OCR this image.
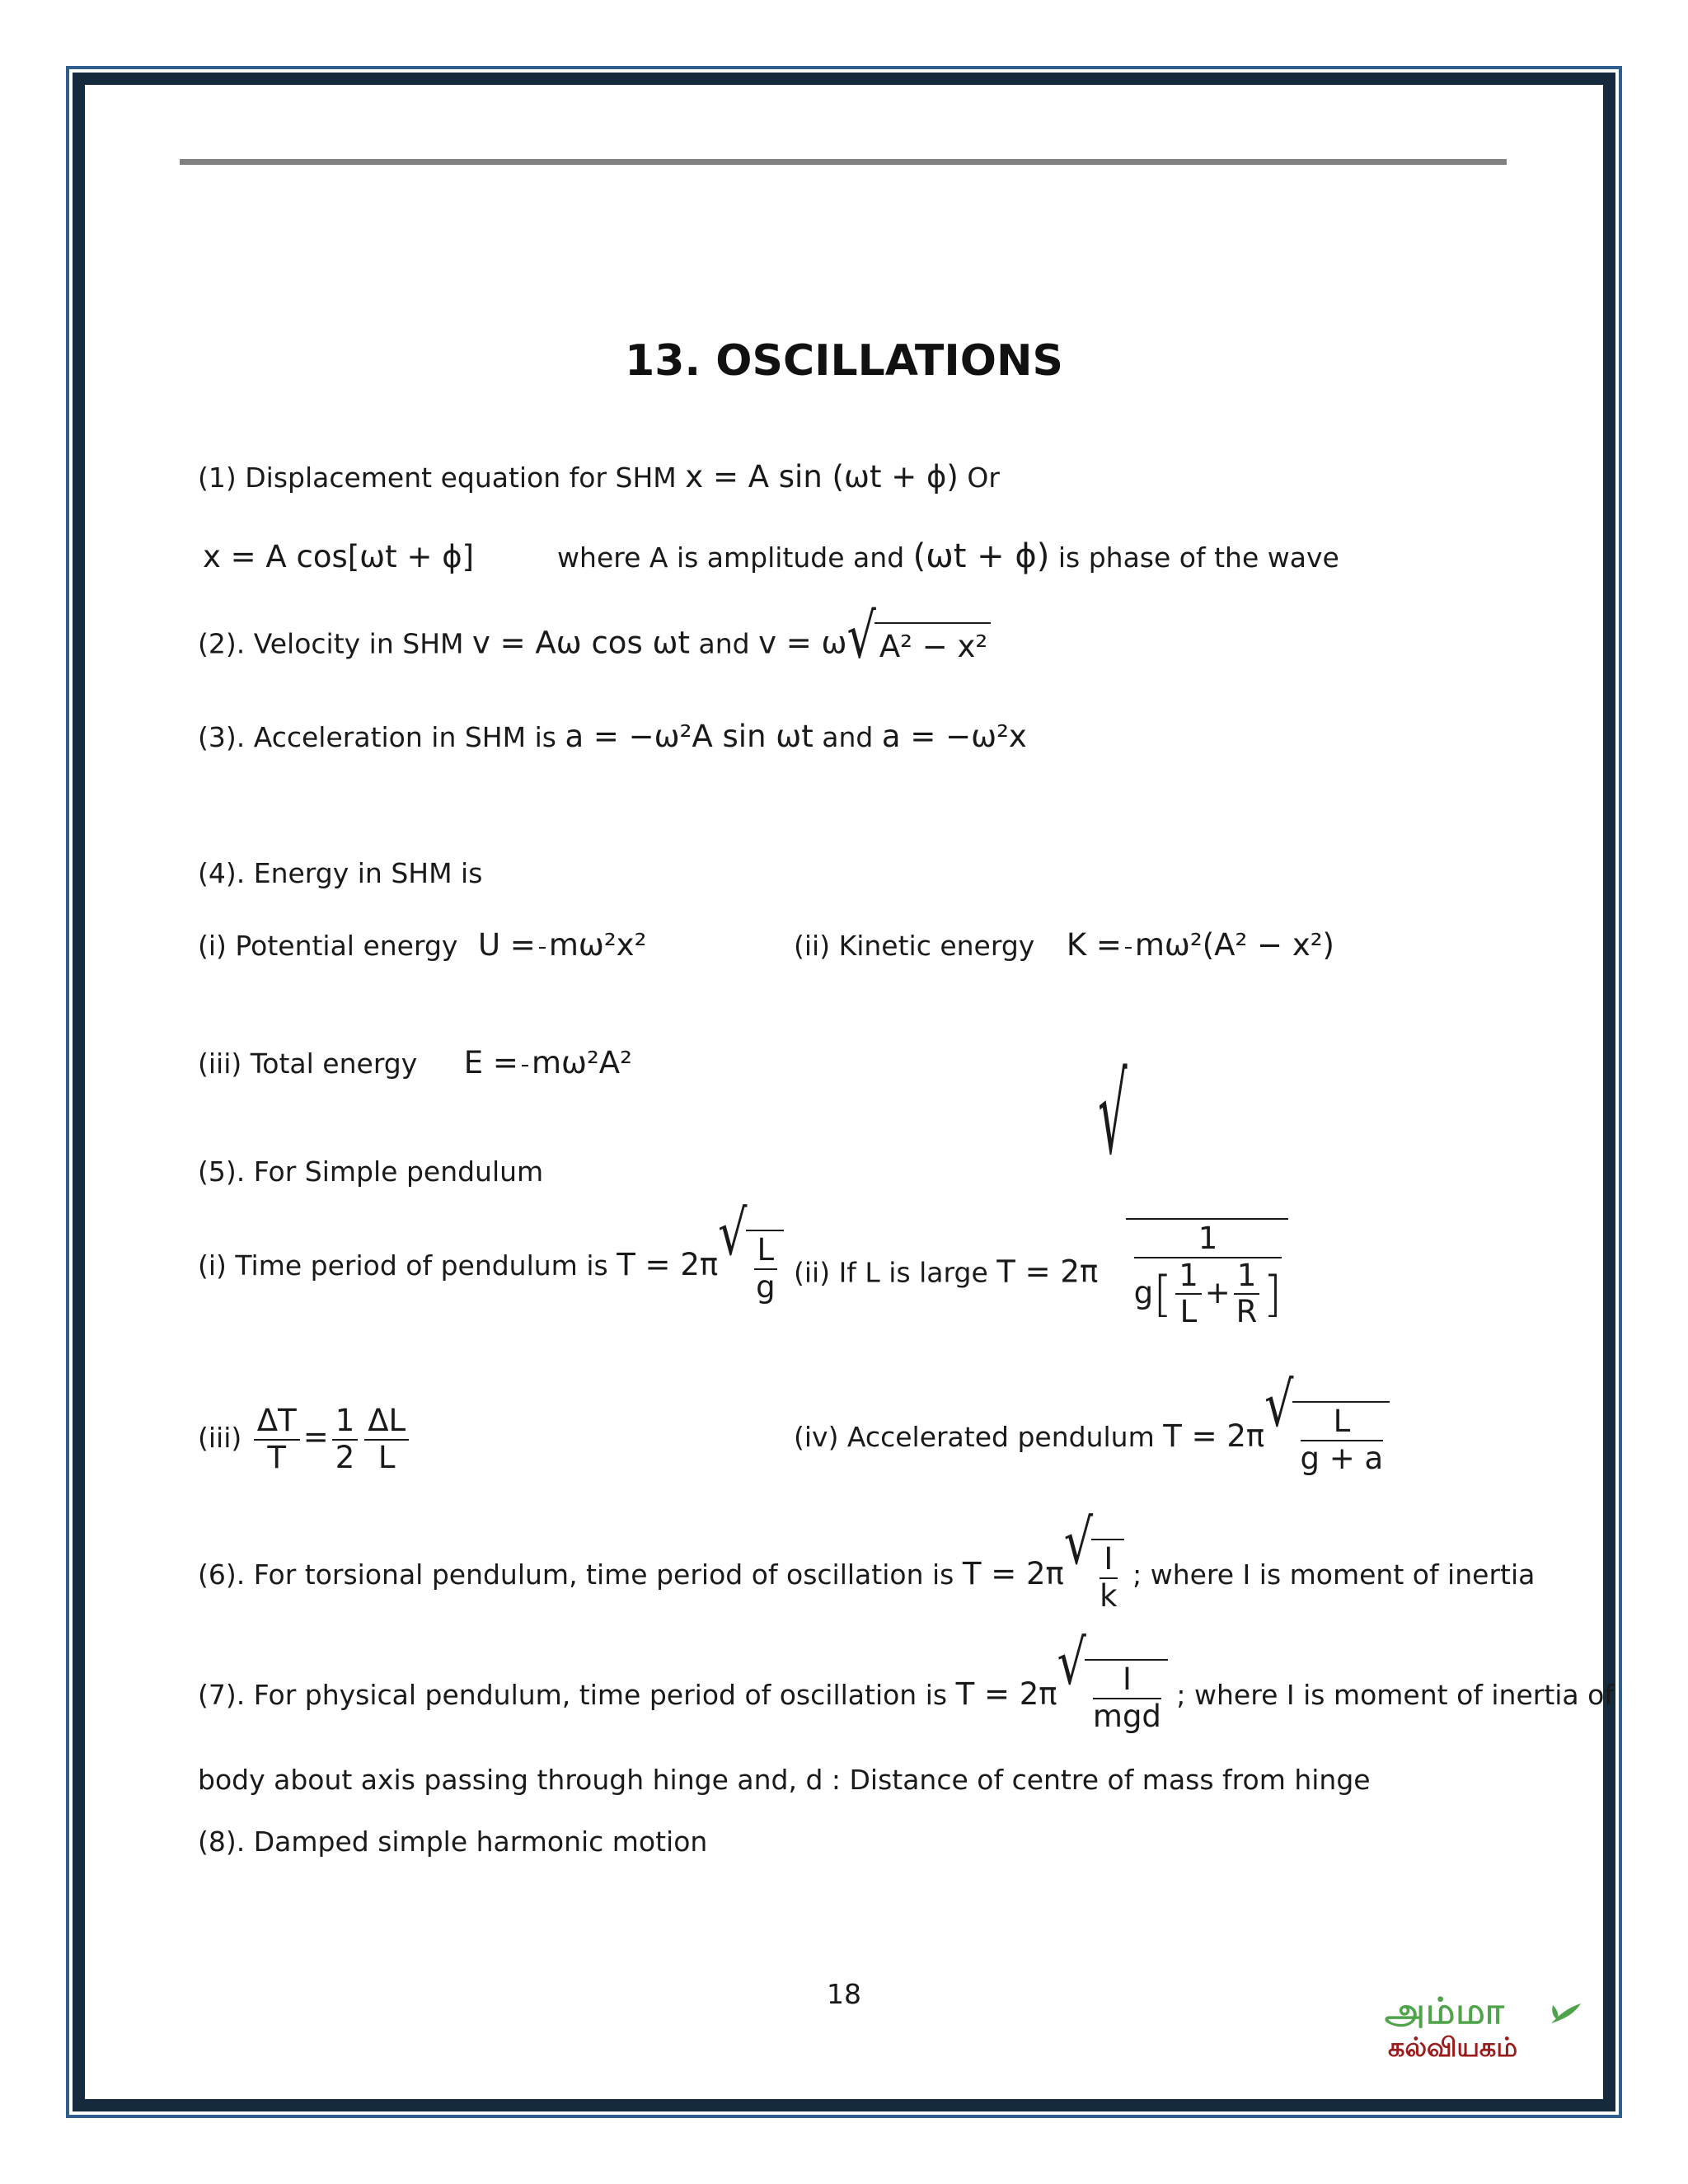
13. OSCILLATIONS
(1) Displacement equation for SHM x = A sin (ωt + ϕ) Or
x = A cos[ωt + ϕ]	where A is amplitude and (ωt + ϕ) is phase of the wave
(2). Velocity in SHM v = Aω cos ωt and v = ω √ A² − x²
(3). Acceleration in SHM is a = −ω²A sin ωt and a = −ω²x
(4). Energy in SHM is
(i) Potential energy U = mω²x²	(ii) Kinetic energy K = mω²(A² − x²)
(iii) Total energy E = mω²A²
(5). For Simple pendulum
(i) Time period of pendulum is T = 2π √ $\frac{L}{g} (ii)$ If L is large T = 2π
√
$\frac{1}{g[ \frac{1}{L} + \frac{1}{R} ]}$
$(iii) \frac{\Delta T}{T} = \frac{1}{2} \frac{\Delta L}{L}$	(iv) Accelerated pendulum T = 2π √ $\frac{L}{g + a}$
(6). For torsional pendulum, time period of oscillation is T = 2π √ $\frac{I}{k}$ ; where I is moment of inertia
(7). For physical pendulum, time period of oscillation is T = 2π √ $\frac{I}{\text{mgd}}$ ; where I is moment of inertia of
body about axis passing through hinge and, d : Distance of centre of mass from hinge
(8). Damped simple harmonic motion
18	அம்மா
கல்வியகம்
